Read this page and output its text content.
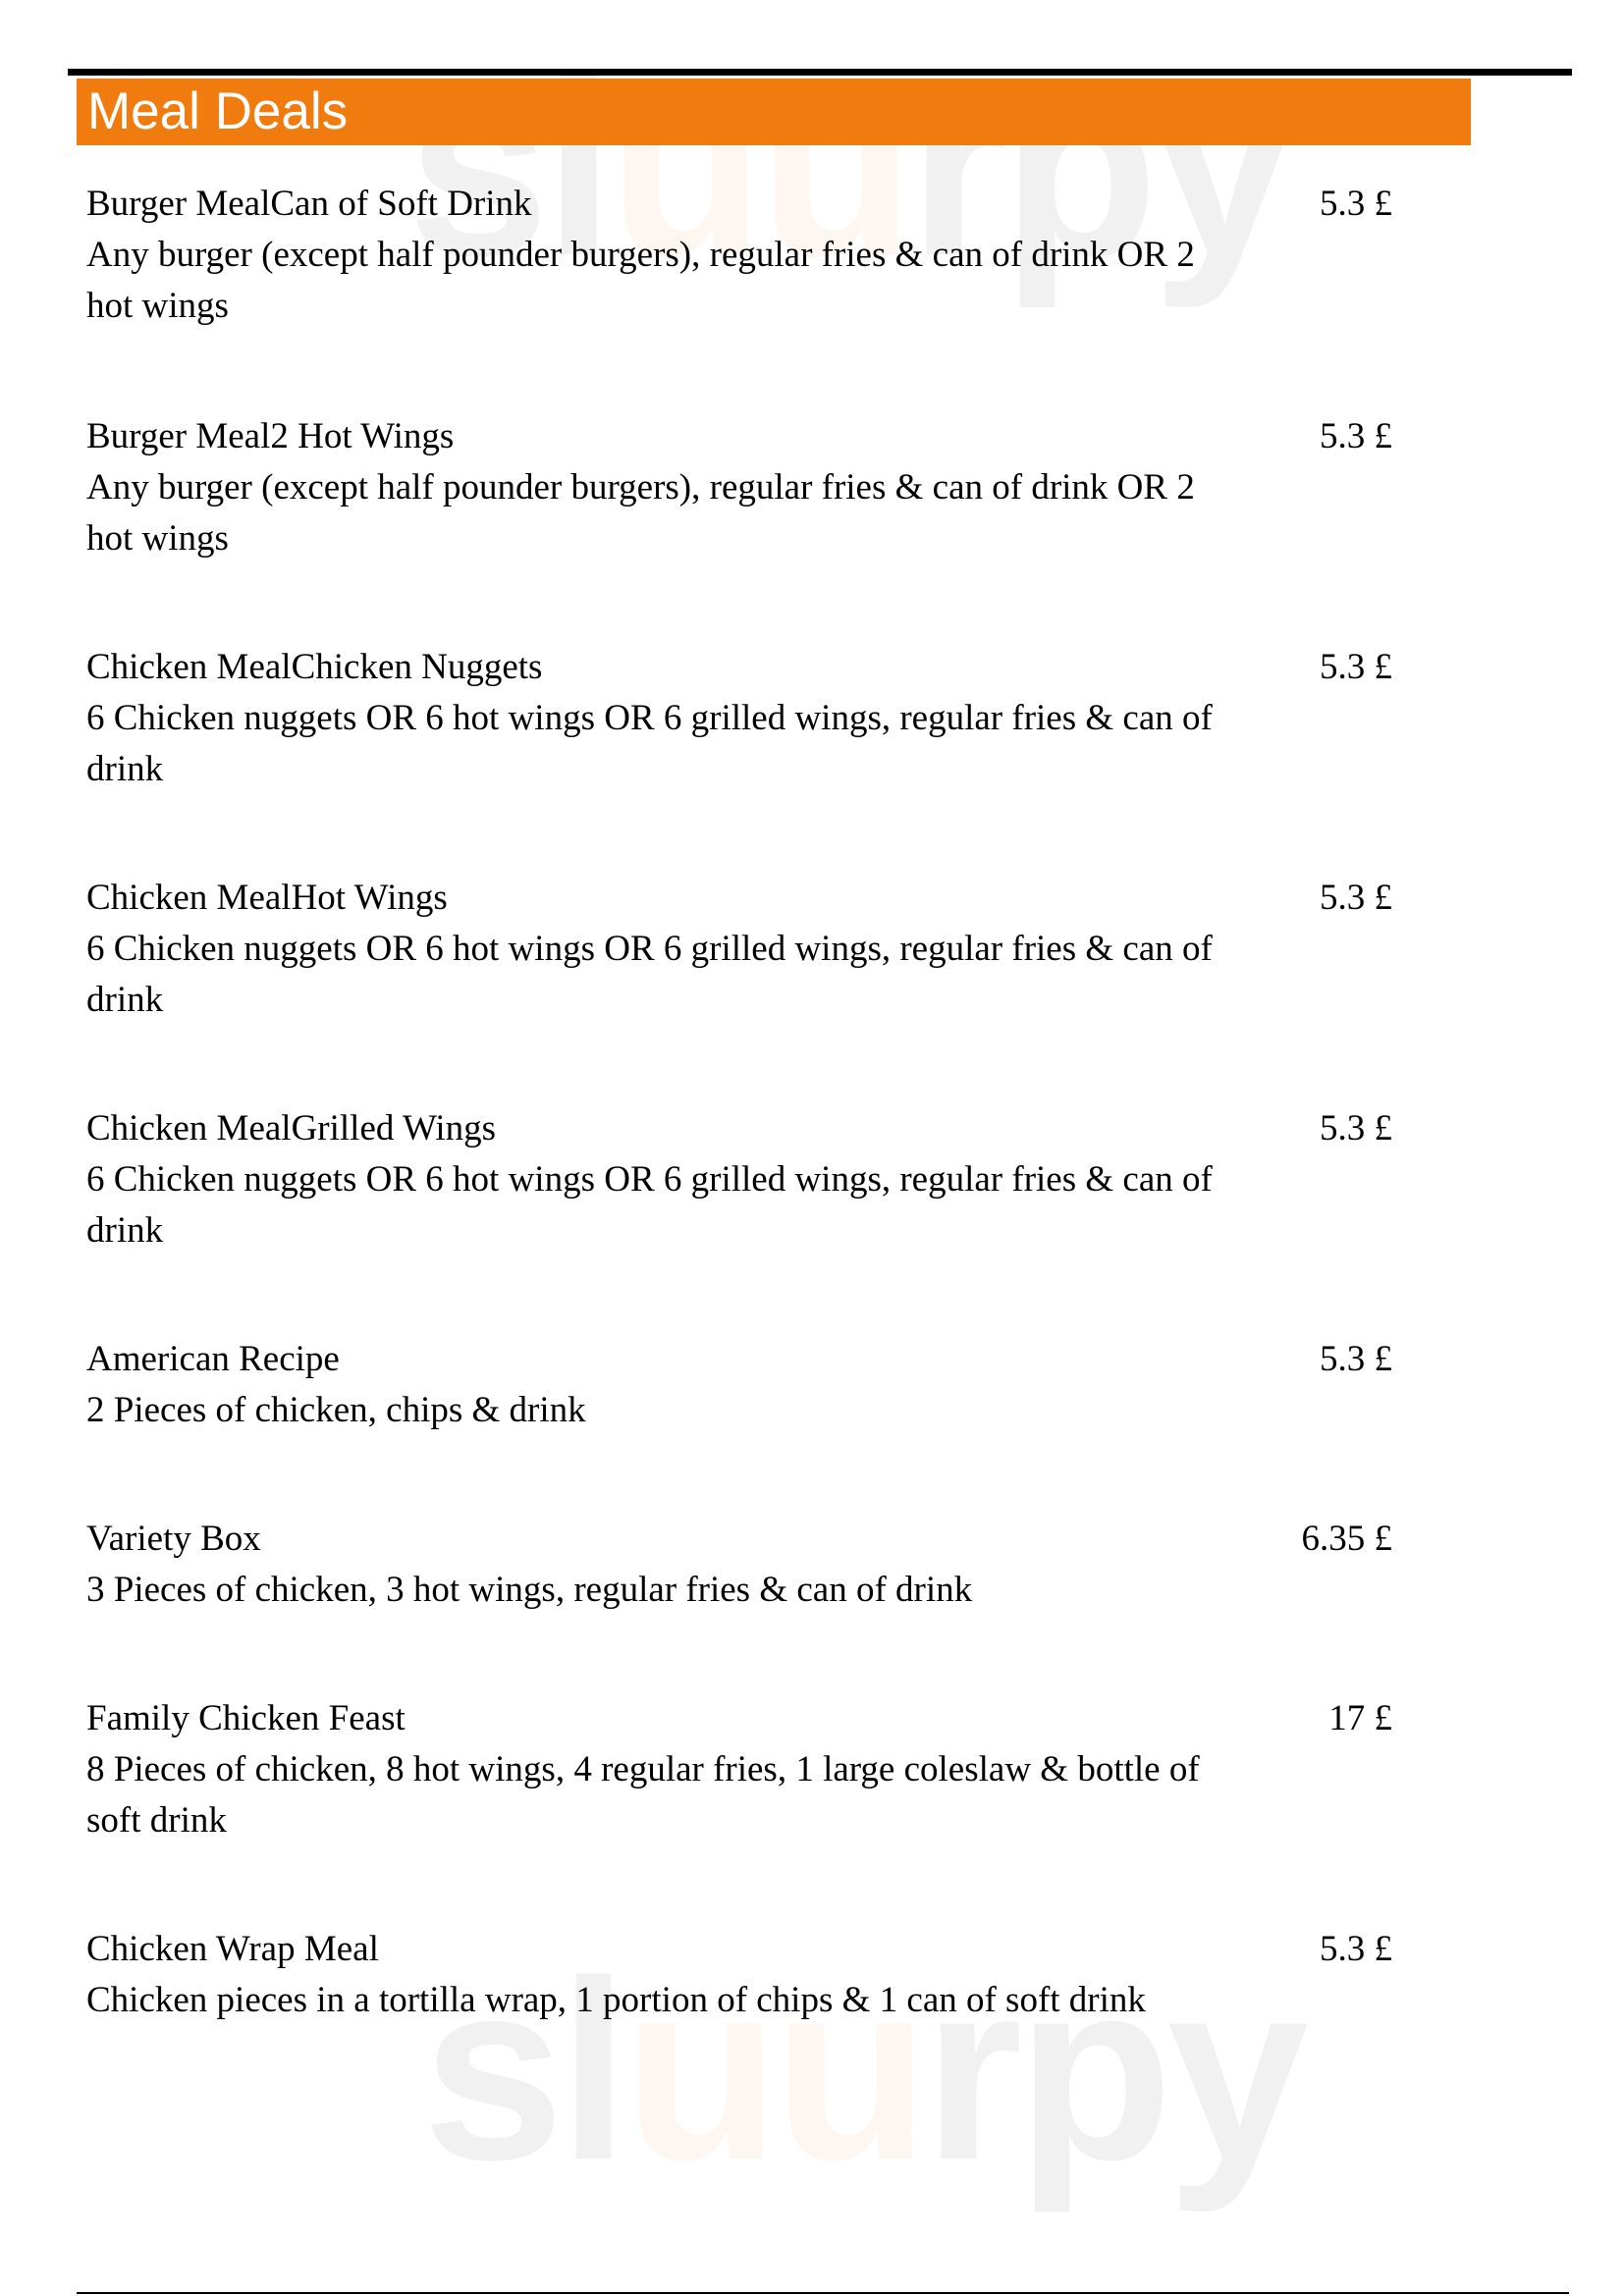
sluurpy
sluurpy
Meal Deals
Burger MealCan of Soft Drink
Any burger (except half pounder burgers), regular fries & can of drink OR 2 hot wings
5.3 £
Burger Meal2 Hot Wings
Any burger (except half pounder burgers), regular fries & can of drink OR 2 hot wings
5.3 £
Chicken MealChicken Nuggets
6 Chicken nuggets OR 6 hot wings OR 6 grilled wings, regular fries & can of drink
5.3 £
Chicken MealHot Wings
6 Chicken nuggets OR 6 hot wings OR 6 grilled wings, regular fries & can of drink
5.3 £
Chicken MealGrilled Wings
6 Chicken nuggets OR 6 hot wings OR 6 grilled wings, regular fries & can of drink
5.3 £
American Recipe
2 Pieces of chicken, chips & drink
5.3 £
Variety Box
3 Pieces of chicken, 3 hot wings, regular fries & can of drink
6.35 £
Family Chicken Feast
8 Pieces of chicken, 8 hot wings, 4 regular fries, 1 large coleslaw & bottle of soft drink
17 £
Chicken Wrap Meal
Chicken pieces in a tortilla wrap, 1 portion of chips & 1 can of soft drink
5.3 £
